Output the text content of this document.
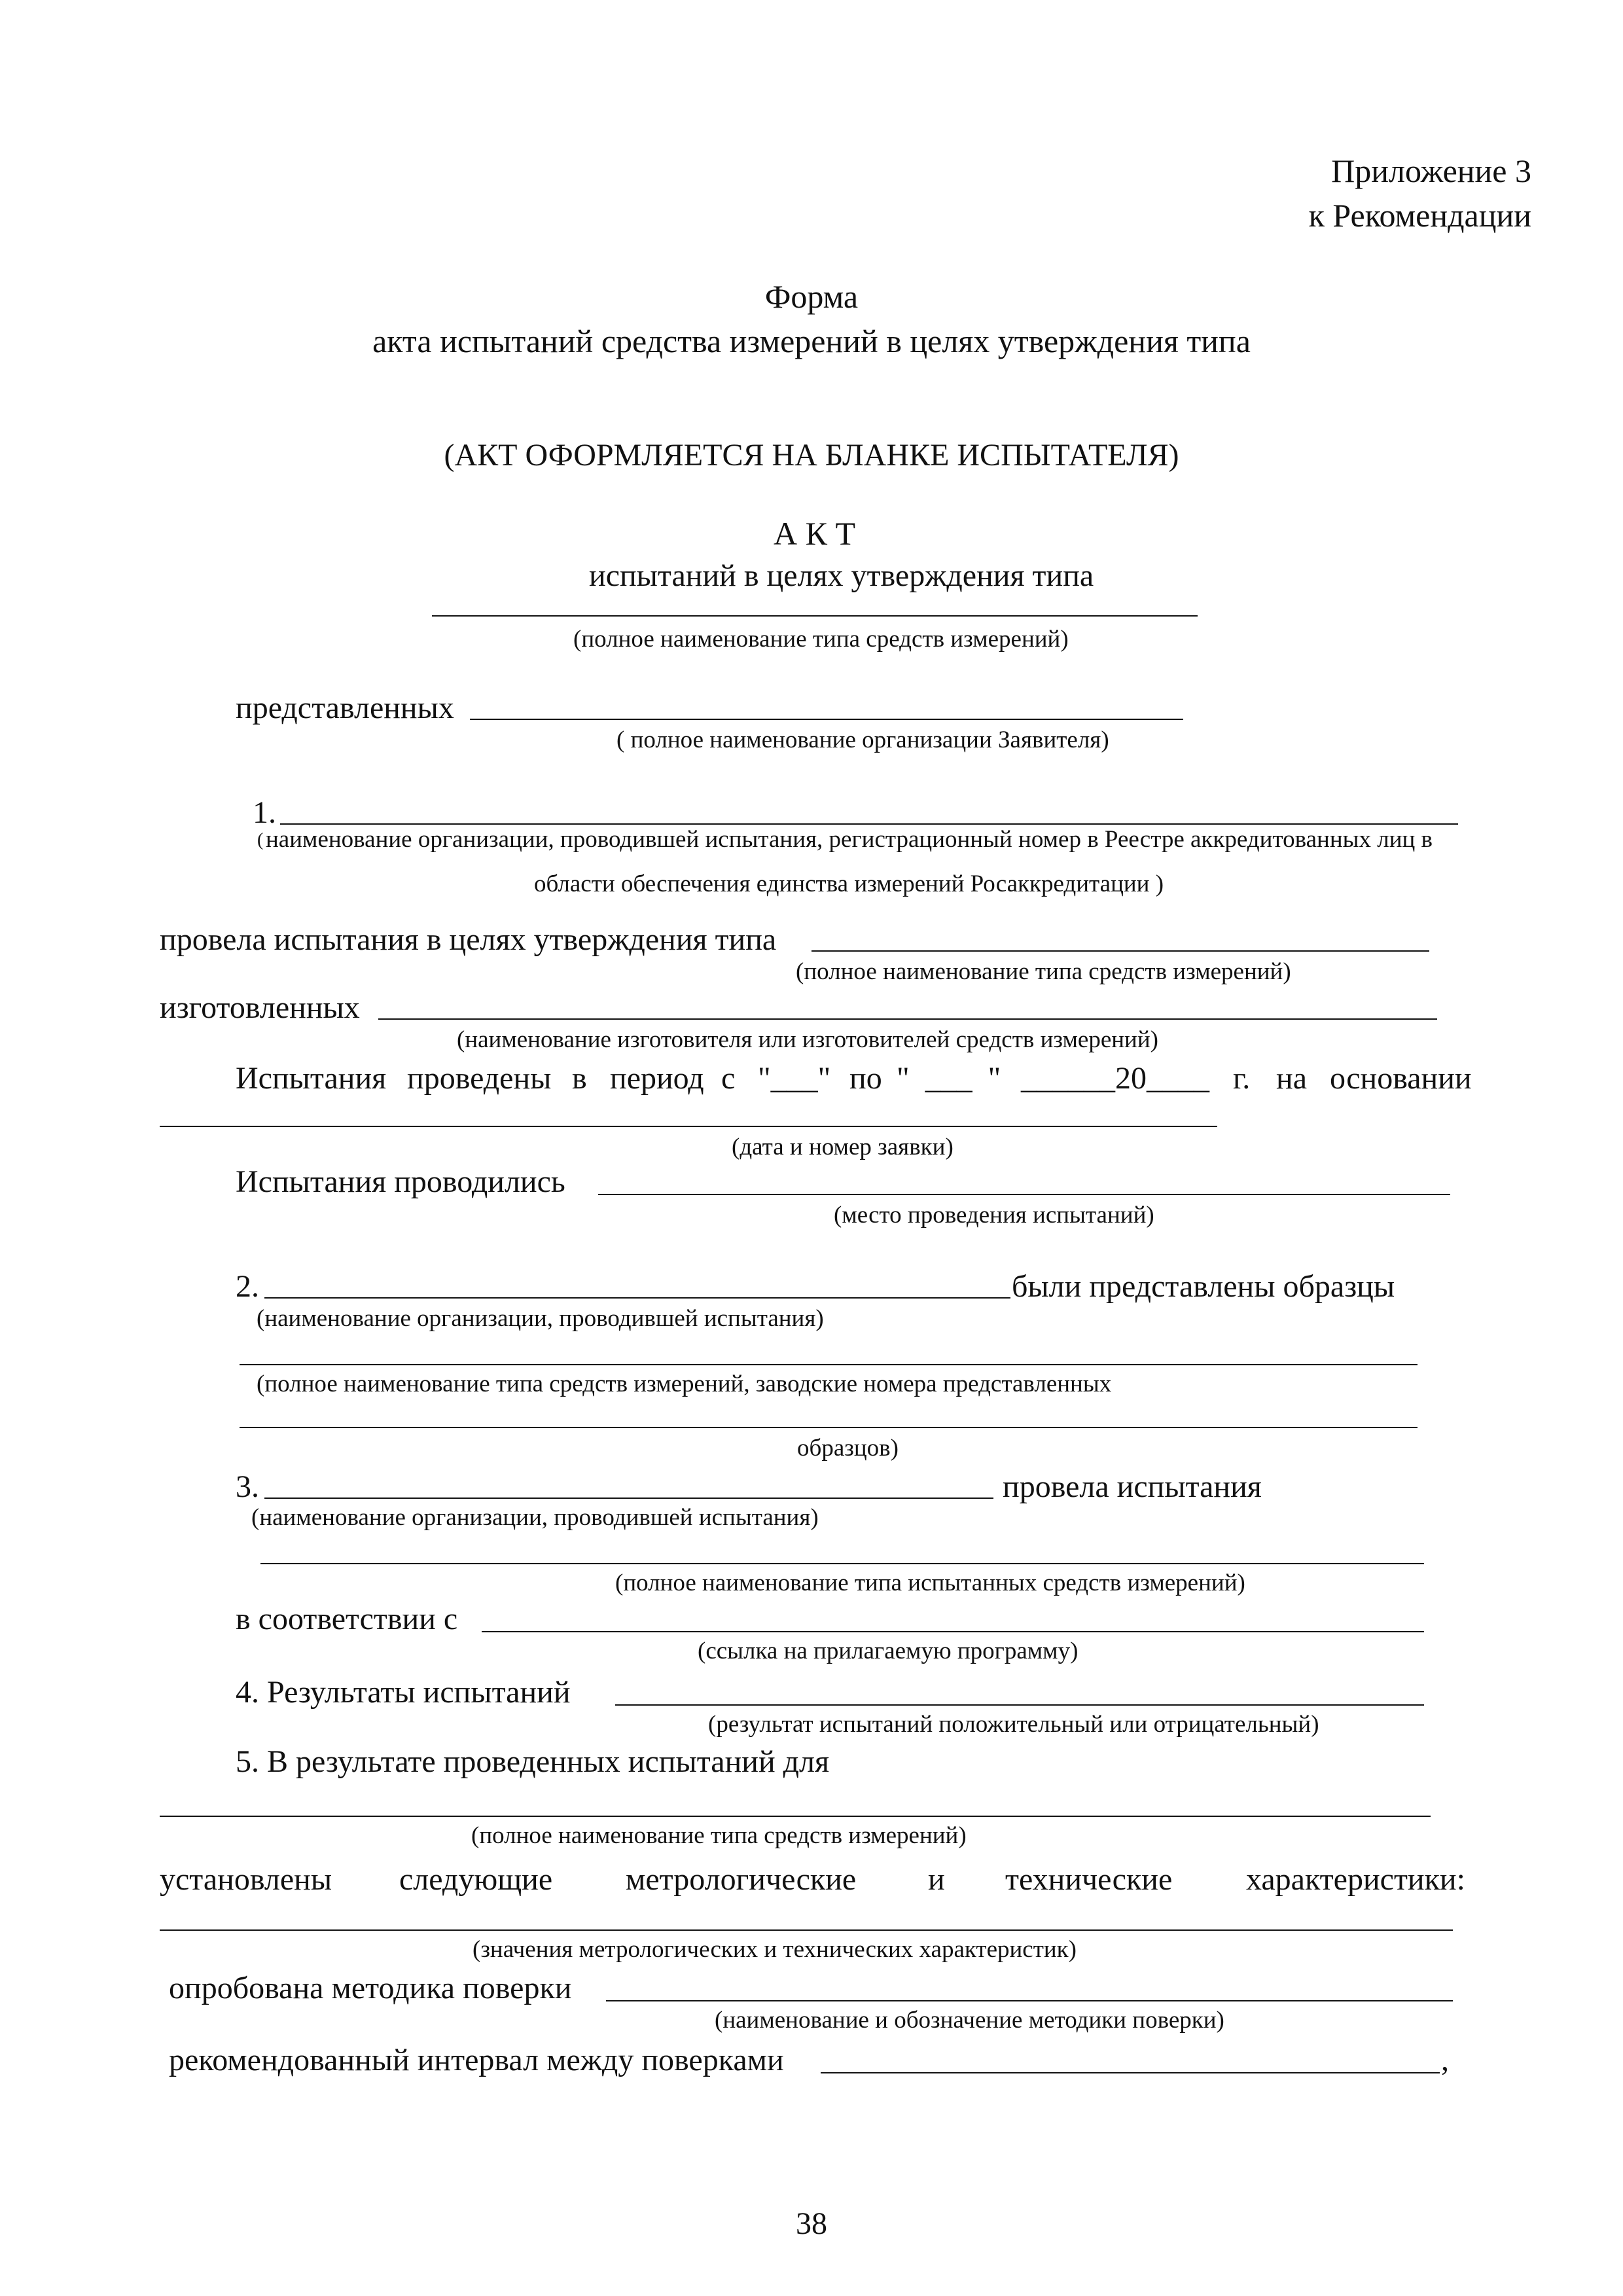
Приложение 3
к Рекомендации
Форма
акта испытаний средства измерений в целях утверждения типа
(АКТ ОФОРМЛЯЕТСЯ НА БЛАНКЕ ИСПЫТАТЕЛЯ)
А К Т
испытаний в целях утверждения типа
(полное наименование типа средств измерений)
представленных
( полное наименование организации Заявителя)
1.
( наименование организации, проводившей испытания, регистрационный номер в Реестре аккредитованных лиц в
области обеспечения единства измерений Росаккредитации )
провела испытания в целях утверждения типа
(полное наименование типа средств измерений)
изготовленных
(наименование изготовителя или изготовителей средств измерений)
Испытания проведены в период с "___" по "  ___  " ______20____ г. на основании
(дата и номер заявки)
Испытания проводились
(место проведения испытаний)
2.	были представлены образцы
(наименование организации, проводившей испытания)
(полное наименование типа средств измерений, заводские номера представленных
образцов)
3.	провела испытания
(наименование организации, проводившей испытания)
(полное наименование типа испытанных средств измерений)
в соответствии с
(ссылка на прилагаемую программу)
4. Результаты испытаний
(результат испытаний положительный или отрицательный)
5. В результате проведенных испытаний для
(полное наименование типа средств измерений)
установлены следующие метрологические и технические характеристики:
(значения метрологических и технических характеристик)
опробована методика поверки
(наименование и обозначение методики поверки)
рекомендованный интервал между поверками	,
38
